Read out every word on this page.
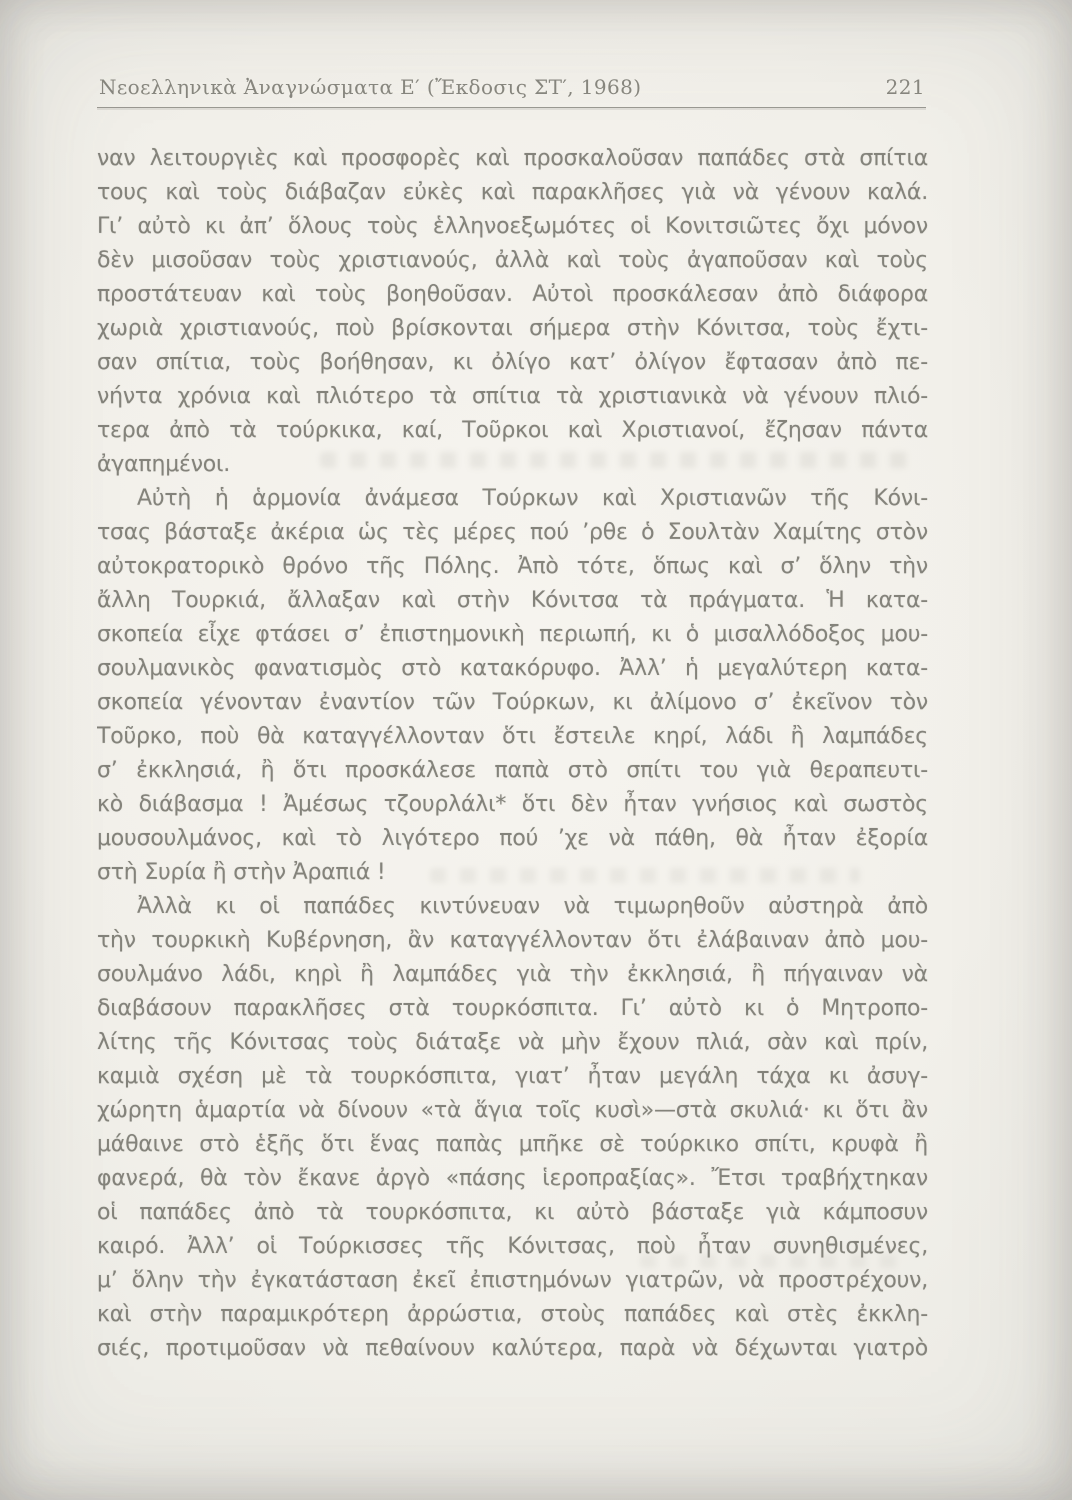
Νεοελληνικὰ Ἀναγνώσματα Ε′ (Ἔκδοσις ΣΤ′, 1968)	221
ναν λειτουργιὲς καὶ προσφορὲς καὶ προσκαλοῦσαν παπάδες στὰ σπίτια
τους καὶ τοὺς διάβαζαν εὐκὲς καὶ παρακλῆσες γιὰ νὰ γένουν καλά.
Γι’ αὐτὸ κι ἀπ’ ὅλους τοὺς ἑλληνοεξωμότες οἱ Κονιτσιῶτες ὄχι μόνον
δὲν μισοῦσαν τοὺς χριστιανούς, ἀλλὰ καὶ τοὺς ἀγαποῦσαν καὶ τοὺς
προστάτευαν καὶ τοὺς βοηθοῦσαν. Αὐτοὶ προσκάλεσαν ἀπὸ διάφορα
χωριὰ χριστιανούς, ποὺ βρίσκονται σήμερα στὴν Κόνιτσα, τοὺς ἔχτι-
σαν σπίτια, τοὺς βοήθησαν, κι ὀλίγο κατ’ ὀλίγον ἔφτασαν ἀπὸ πε-
νήντα χρόνια καὶ πλιότερο τὰ σπίτια τὰ χριστιανικὰ νὰ γένουν πλιό-
τερα ἀπὸ τὰ τούρκικα, καί, Τοῦρκοι καὶ Χριστιανοί, ἔζησαν πάντα
ἀγαπημένοι.
Αὐτὴ ἡ ἁρμονία ἀνάμεσα Τούρκων καὶ Χριστιανῶν τῆς Κόνι-
τσας βάσταξε ἀκέρια ὡς τὲς μέρες πού ’ρθε ὁ Σουλτὰν Χαμίτης στὸν
αὐτοκρατορικὸ θρόνο τῆς Πόλης. Ἀπὸ τότε, ὅπως καὶ σ’ ὅλην τὴν
ἄλλη Τουρκιά, ἄλλαξαν καὶ στὴν Κόνιτσα τὰ πράγματα. Ἡ κατα-
σκοπεία εἶχε φτάσει σ’ ἐπιστημονικὴ περιωπή, κι ὁ μισαλλόδοξος μου-
σουλμανικὸς φανατισμὸς στὸ κατακόρυφο. Ἀλλ’ ἡ μεγαλύτερη κατα-
σκοπεία γένονταν ἐναντίον τῶν Τούρκων, κι ἀλίμονο σ’ ἐκεῖνον τὸν
Τοῦρκο, ποὺ θὰ καταγγέλλονταν ὅτι ἔστειλε κηρί, λάδι ἢ λαμπάδες
σ’ ἐκκλησιά, ἢ ὅτι προσκάλεσε παπὰ στὸ σπίτι του γιὰ θεραπευτι-
κὸ διάβασμα ! Ἀμέσως τζουρλάλι* ὅτι δὲν ἦταν γνήσιος καὶ σωστὸς
μουσουλμάνος, καὶ τὸ λιγότερο πού ’χε νὰ πάθη, θὰ ἦταν ἐξορία
στὴ Συρία ἢ στὴν Ἀραπιά !
Ἀλλὰ κι οἱ παπάδες κιντύνευαν νὰ τιμωρηθοῦν αὐστηρὰ ἀπὸ
τὴν τουρκικὴ Κυβέρνηση, ἂν καταγγέλλονταν ὅτι ἐλάβαιναν ἀπὸ μου-
σουλμάνο λάδι, κηρὶ ἢ λαμπάδες γιὰ τὴν ἐκκλησιά, ἢ πήγαιναν νὰ
διαβάσουν παρακλῆσες στὰ τουρκόσπιτα. Γι’ αὐτὸ κι ὁ Μητροπο-
λίτης τῆς Κόνιτσας τοὺς διάταξε νὰ μὴν ἔχουν πλιά, σὰν καὶ πρίν,
καμιὰ σχέση μὲ τὰ τουρκόσπιτα, γιατ’ ἦταν μεγάλη τάχα κι ἀσυγ-
χώρητη ἁμαρτία νὰ δίνουν «τὰ ἅγια τοῖς κυσὶ»—στὰ σκυλιά· κι ὅτι ἂν
μάθαινε στὸ ἑξῆς ὅτι ἕνας παπὰς μπῆκε σὲ τούρκικο σπίτι, κρυφὰ ἢ
φανερά, θὰ τὸν ἔκανε ἀργὸ «πάσης ἱεροπραξίας». Ἔτσι τραβήχτηκαν
οἱ παπάδες ἀπὸ τὰ τουρκόσπιτα, κι αὐτὸ βάσταξε γιὰ κάμποσυν
καιρό. Ἀλλ’ οἱ Τούρκισσες τῆς Κόνιτσας, ποὺ ἦταν συνηθισμένες,
μ’ ὅλην τὴν ἐγκατάσταση ἐκεῖ ἐπιστημόνων γιατρῶν, νὰ προστρέχουν,
καὶ στὴν παραμικρότερη ἀρρώστια, στοὺς παπάδες καὶ στὲς ἐκκλη-
σιές, προτιμοῦσαν νὰ πεθαίνουν καλύτερα, παρὰ νὰ δέχωνται γιατρὸ
